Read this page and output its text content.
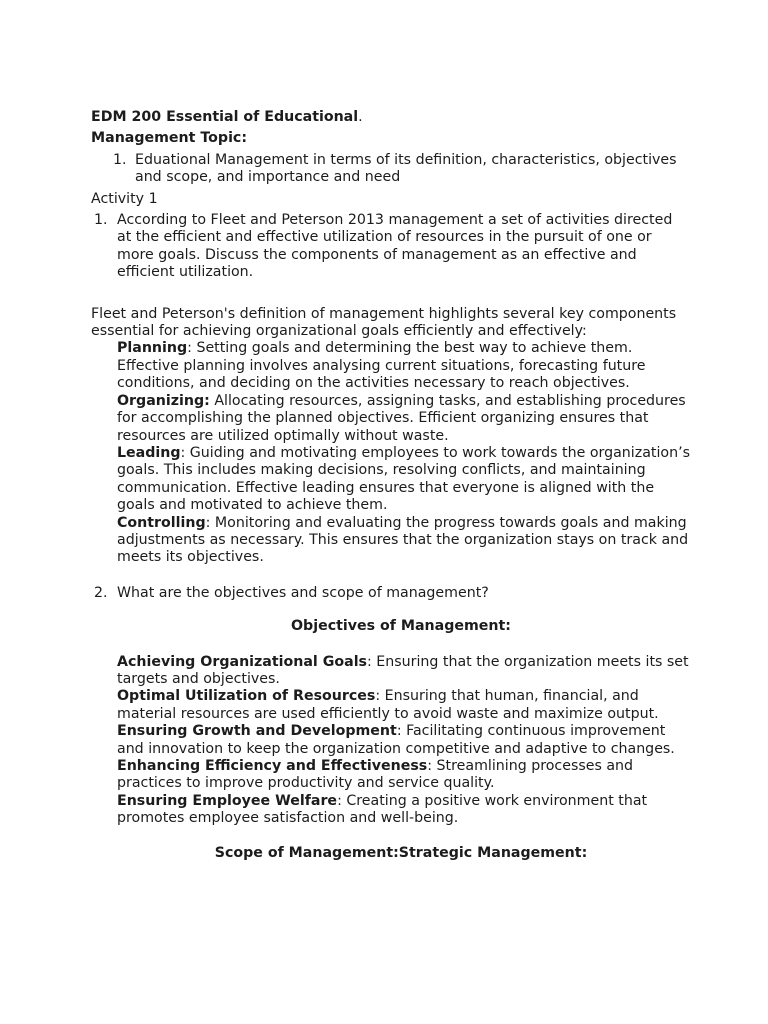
EDM 200 Essential of Educational.

Management Topic:

1. Eduational Management in terms of its definition, characteristics, objectives and scope, and importance and need

Activity 1

1. According to Fleet and Peterson 2013 management a set of activities directed at the efficient and effective utilization of resources in the pursuit of one or more goals. Discuss the components of management as an effective and efficient utilization.

Fleet and Peterson's definition of management highlights several key components essential for achieving organizational goals efficiently and effectively:

Planning: Setting goals and determining the best way to achieve them. Effective planning involves analysing current situations, forecasting future conditions, and deciding on the activities necessary to reach objectives.

Organizing: Allocating resources, assigning tasks, and establishing procedures for accomplishing the planned objectives. Efficient organizing ensures that resources are utilized optimally without waste.

Leading: Guiding and motivating employees to work towards the organization’s goals. This includes making decisions, resolving conflicts, and maintaining communication. Effective leading ensures that everyone is aligned with the goals and motivated to achieve them.

Controlling: Monitoring and evaluating the progress towards goals and making adjustments as necessary. This ensures that the organization stays on track and meets its objectives.

2. What are the objectives and scope of management?

Objectives of Management:

Achieving Organizational Goals: Ensuring that the organization meets its set targets and objectives.

Optimal Utilization of Resources: Ensuring that human, financial, and material resources are used efficiently to avoid waste and maximize output.

Ensuring Growth and Development: Facilitating continuous improvement and innovation to keep the organization competitive and adaptive to changes.

Enhancing Efficiency and Effectiveness: Streamlining processes and practices to improve productivity and service quality.

Ensuring Employee Welfare: Creating a positive work environment that promotes employee satisfaction and well-being.

Scope of Management:Strategic Management:
